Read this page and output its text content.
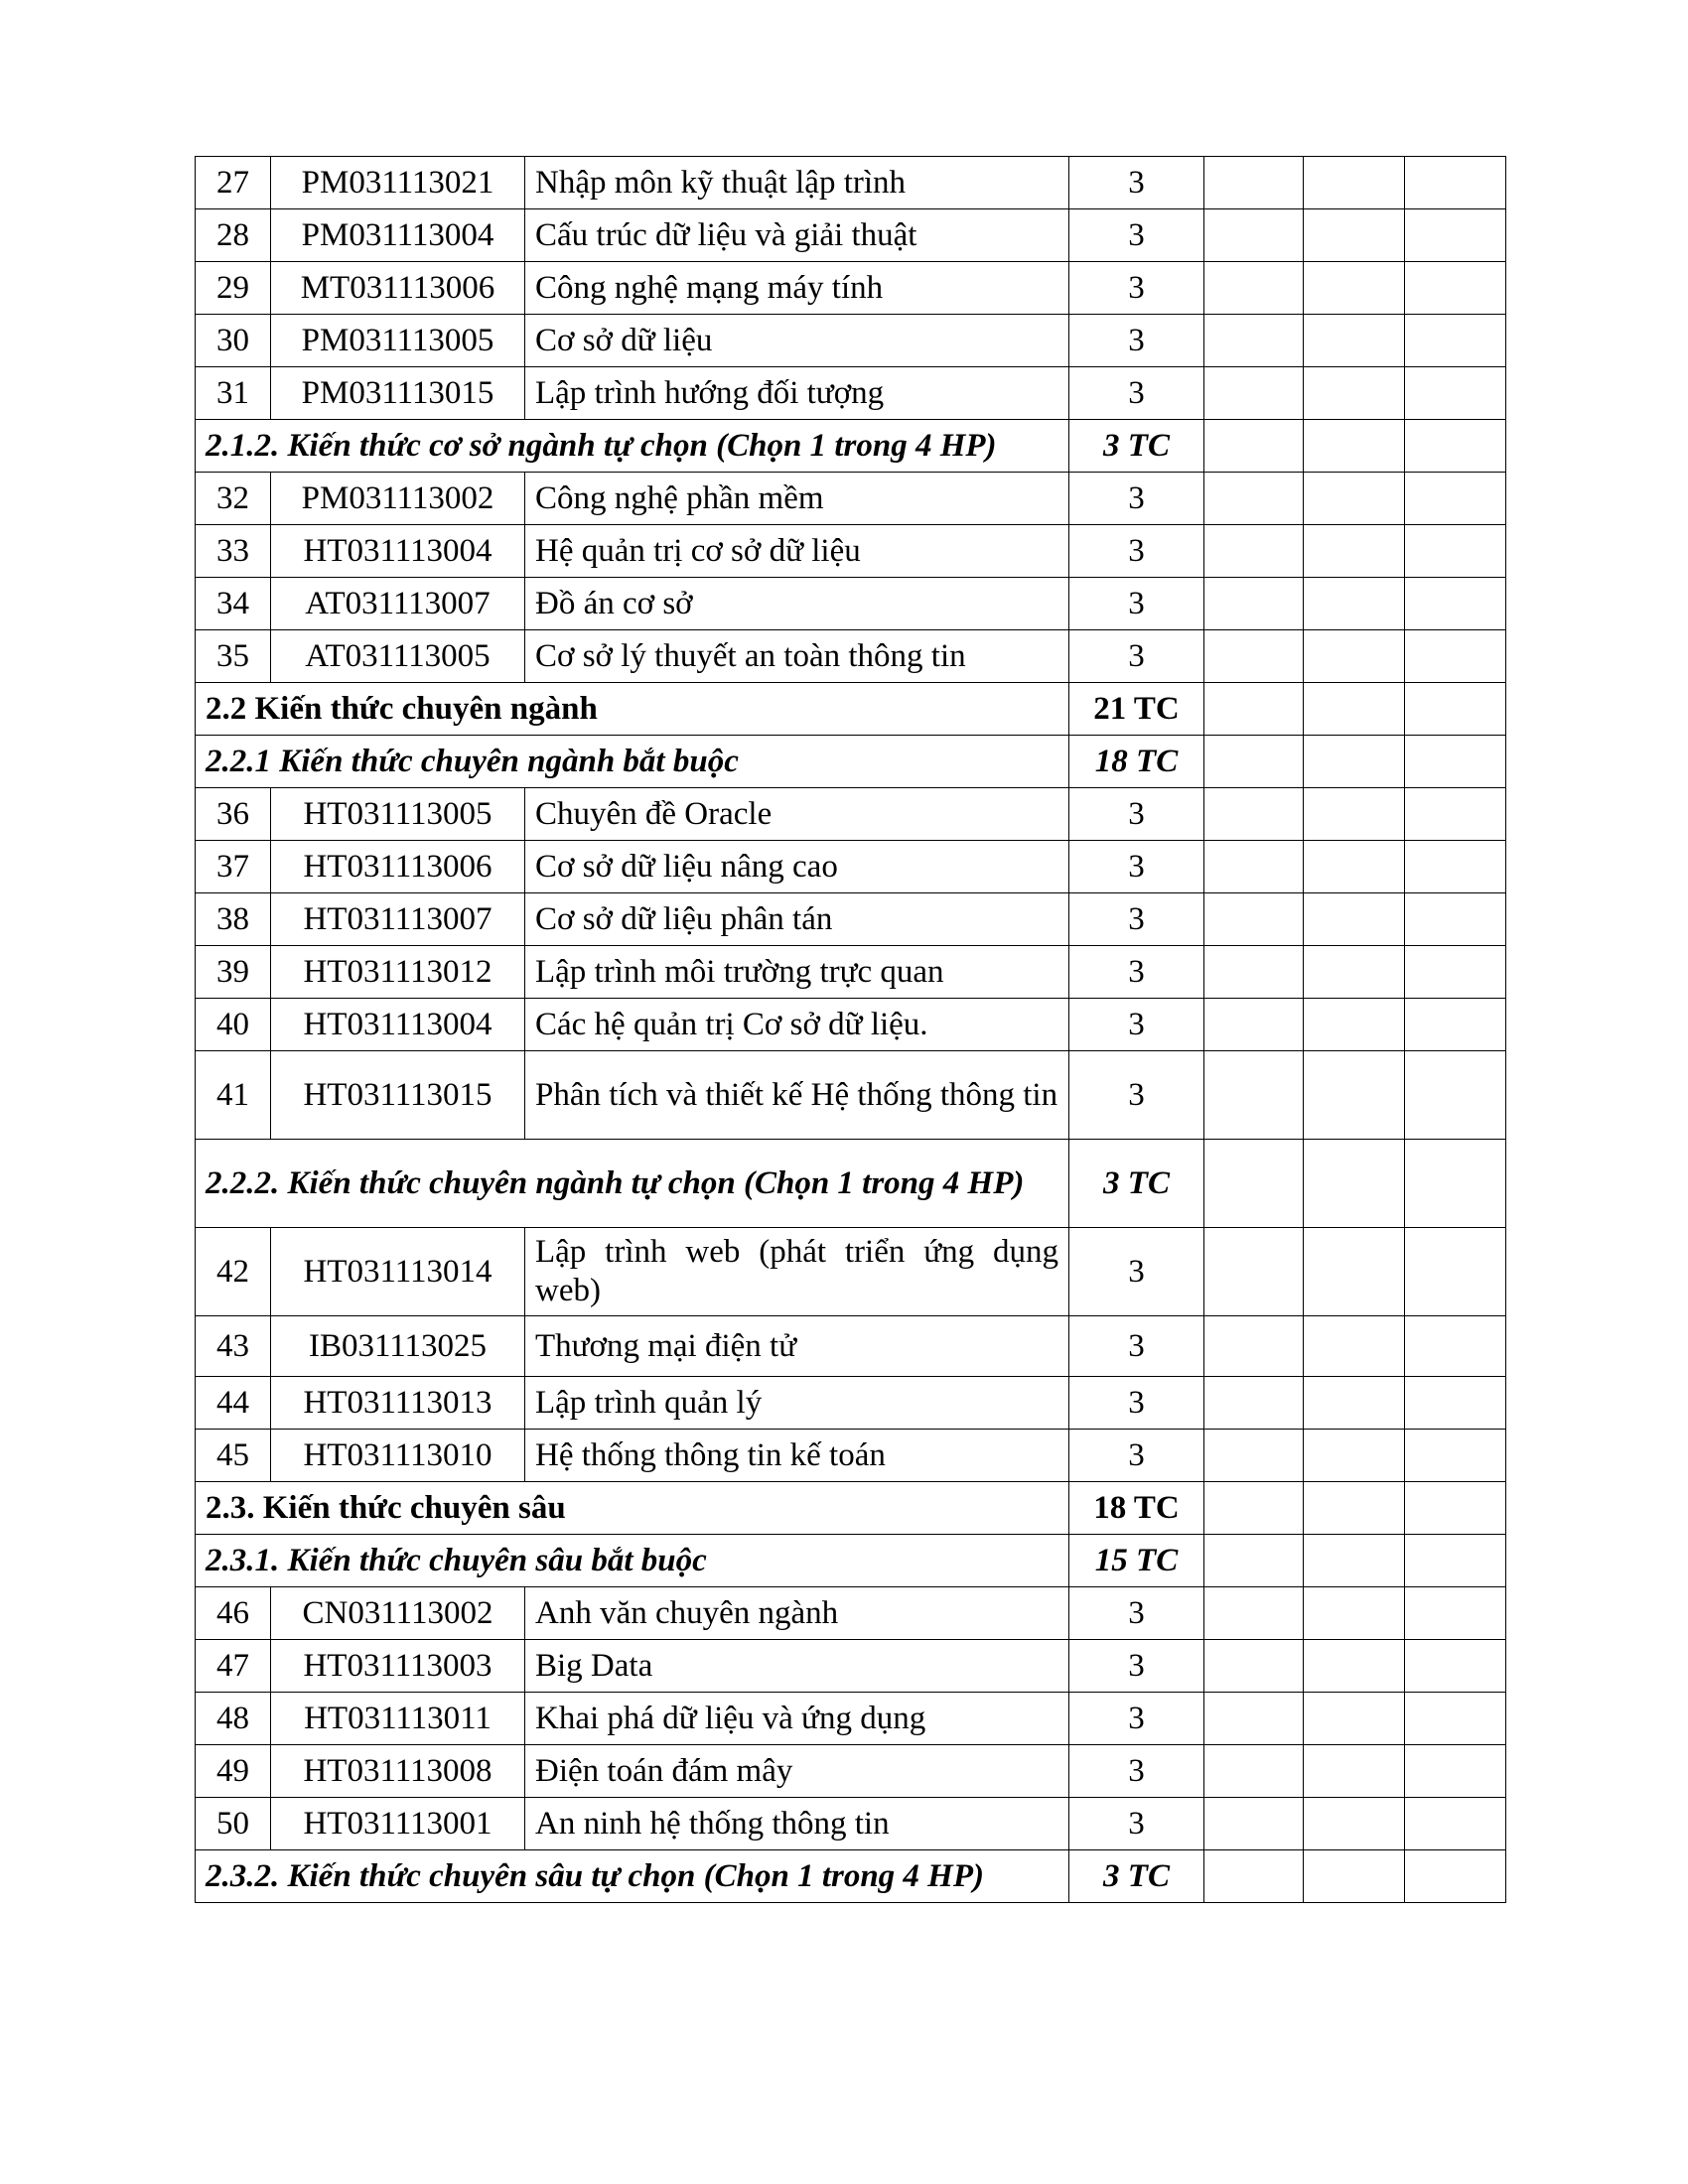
27	PM031113021	Nhập môn kỹ thuật lập trình	3			
28	PM031113004	Cấu trúc dữ liệu và giải thuật	3			
29	MT031113006	Công nghệ mạng máy tính	3			
30	PM031113005	Cơ sở dữ liệu	3			
31	PM031113015	Lập trình hướng đối tượng	3			
2.1.2. Kiến thức cơ sở ngành tự chọn (Chọn 1 trong 4 HP)			3 TC			
32	PM031113002	Công nghệ phần mềm	3			
33	HT031113004	Hệ quản trị cơ sở dữ liệu	3			
34	AT031113007	Đồ án cơ sở	3			
35	AT031113005	Cơ sở lý thuyết an toàn thông tin	3			
2.2 Kiến thức chuyên ngành			21 TC			
2.2.1 Kiến thức chuyên ngành bắt buộc			18 TC			
36	HT031113005	Chuyên đề Oracle	3			
37	HT031113006	Cơ sở dữ liệu nâng cao	3			
38	HT031113007	Cơ sở dữ liệu phân tán	3			
39	HT031113012	Lập trình môi trường trực quan	3			
40	HT031113004	Các hệ quản trị Cơ sở dữ liệu.	3			
41	HT031113015	Phân tích và thiết kế Hệ thống thông tin	3			
2.2.2. Kiến thức chuyên ngành tự chọn (Chọn 1 trong 4 HP)			3 TC			
42	HT031113014	Lập trình web (phát triển ứng dụng web)	3			
43	IB031113025	Thương mại điện tử	3			
44	HT031113013	Lập trình quản lý	3			
45	HT031113010	Hệ thống thông tin kế toán	3			
2.3. Kiến thức chuyên sâu			18 TC			
2.3.1. Kiến thức chuyên sâu bắt buộc			15 TC			
46	CN031113002	Anh văn chuyên ngành	3			
47	HT031113003	Big Data	3			
48	HT031113011	Khai phá dữ liệu và ứng dụng	3			
49	HT031113008	Điện toán đám mây	3			
50	HT031113001	An ninh hệ thống thông tin	3			
2.3.2. Kiến thức chuyên sâu tự chọn (Chọn 1 trong 4 HP)			3 TC			
